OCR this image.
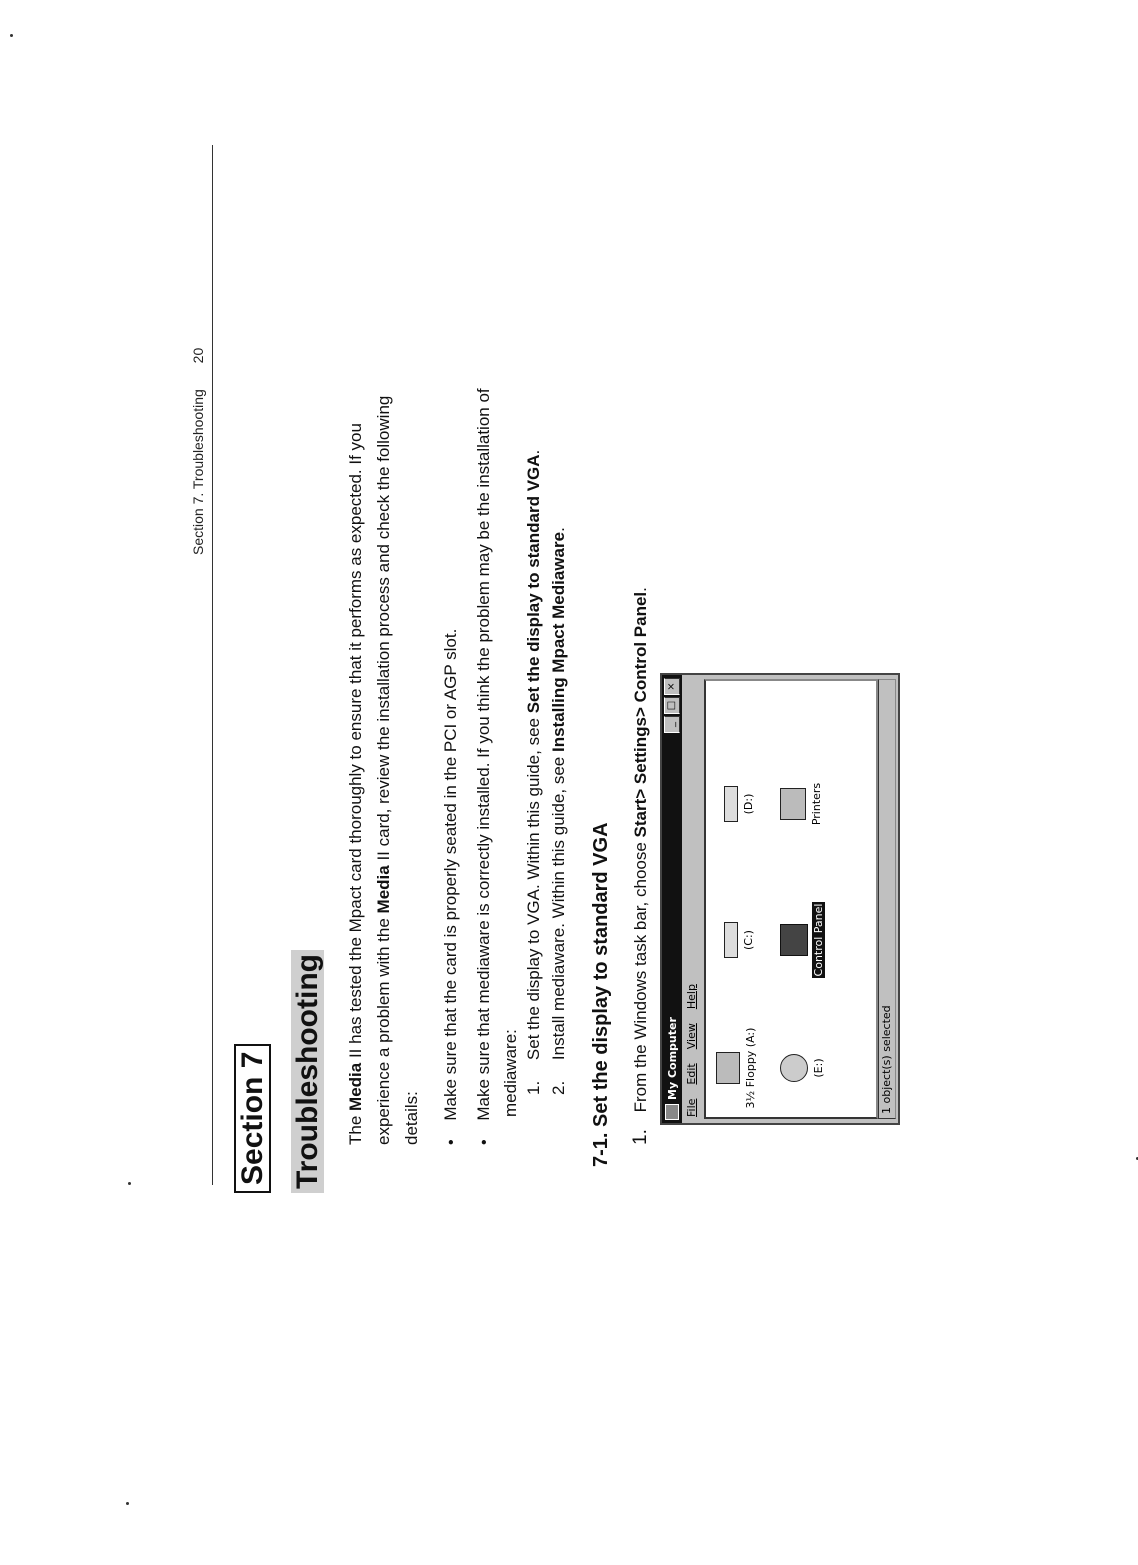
Section 7. Troubleshooting 20
Section 7 Troubleshooting The Media II has tested the Mpact card thoroughly to ensure that it performs as expected. If you experience a problem with the Media II card, review the installation process and check the following
details:	• Make sure that the card is properly seated in the PCI or AGP slot.
• Make sure that mediaware is correctly installed. If you think the problem may be the installation of mediaware: 1. Set the display to VGA. Within this guide, see Set the display to standard VGA.
2. Install mediaware. Within this guide, see Installing Mpact Mediaware.
7-1. Set the display to standard VGA 1. From the Windows task bar, choose Start> Settings> Control Panel.
My Computer
_
□
×
File
Edit
View
Help
3½ Floppy (A:)
(C:)
(D:)
(E:)
Control Panel
Printers
1 object(s) selected
